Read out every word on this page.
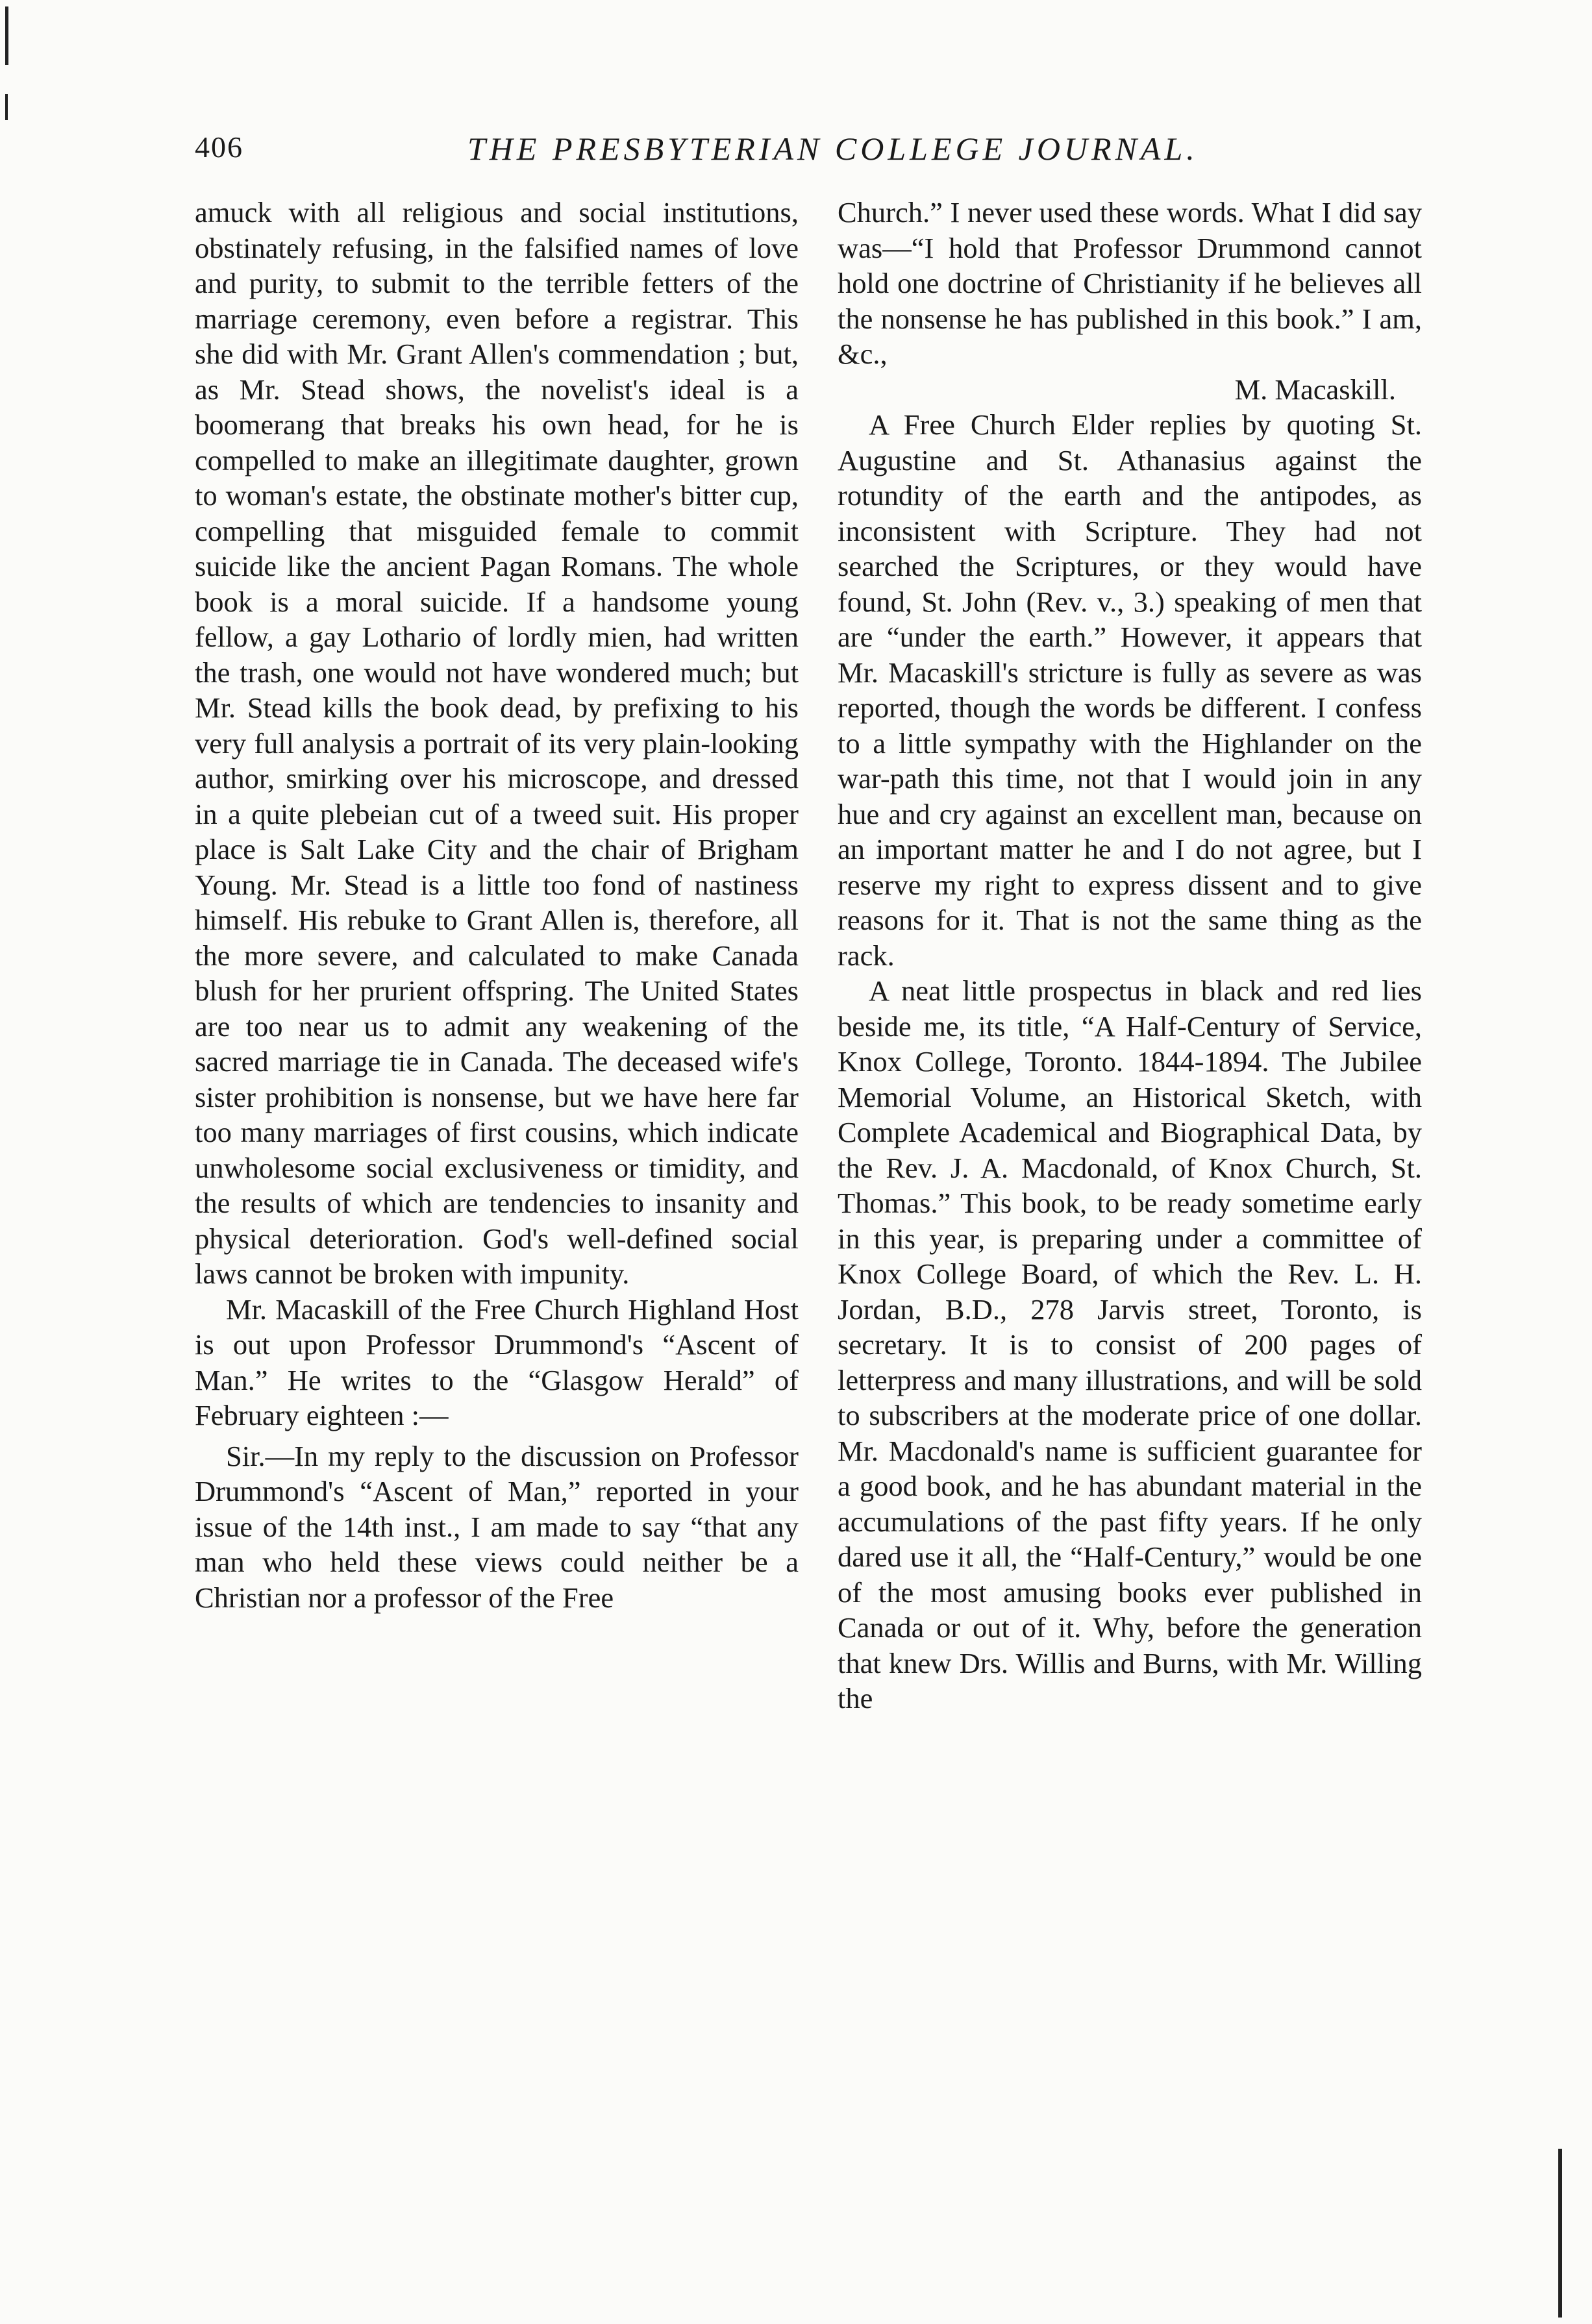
406	THE PRESBYTERIAN COLLEGE JOURNAL.

amuck with all religious and social institutions, obstinately refusing, in the falsified names of love and purity, to submit to the terrible fetters of the marriage ceremony, even before a registrar. This she did with Mr. Grant Allen's commendation ; but, as Mr. Stead shows, the novelist's ideal is a boomerang that breaks his own head, for he is compelled to make an illegitimate daughter, grown to woman's estate, the obstinate mother's bitter cup, compelling that misguided female to commit suicide like the ancient Pagan Romans. The whole book is a moral suicide. If a handsome young fellow, a gay Lothario of lordly mien, had written the trash, one would not have wondered much; but Mr. Stead kills the book dead, by prefixing to his very full analysis a portrait of its very plain-looking author, smirking over his microscope, and dressed in a quite plebeian cut of a tweed suit. His proper place is Salt Lake City and the chair of Brigham Young. Mr. Stead is a little too fond of nastiness himself. His rebuke to Grant Allen is, therefore, all the more severe, and calculated to make Canada blush for her prurient offspring. The United States are too near us to admit any weakening of the sacred marriage tie in Canada. The deceased wife's sister prohibition is nonsense, but we have here far too many marriages of first cousins, which indicate unwholesome social exclusiveness or timidity, and the results of which are tendencies to insanity and physical deterioration. God's well-defined social laws cannot be broken with impunity.

Mr. Macaskill of the Free Church Highland Host is out upon Professor Drummond's “Ascent of Man.” He writes to the “Glasgow Herald” of February eighteen :—

Sir.—In my reply to the discussion on Professor Drummond's “Ascent of Man,” reported in your issue of the 14th inst., I am made to say “that any man who held these views could neither be a Christian nor a professor of the Free

Church.” I never used these words. What I did say was—“I hold that Professor Drummond cannot hold one doctrine of Christianity if he believes all the nonsense he has published in this book.” I am, &c.,

M. Macaskill.

A Free Church Elder replies by quoting St. Augustine and St. Athanasius against the rotundity of the earth and the antipodes, as inconsistent with Scripture. They had not searched the Scriptures, or they would have found, St. John (Rev. v., 3.) speaking of men that are “under the earth.” However, it appears that Mr. Macaskill's stricture is fully as severe as was reported, though the words be different. I confess to a little sympathy with the Highlander on the war-path this time, not that I would join in any hue and cry against an excellent man, because on an important matter he and I do not agree, but I reserve my right to express dissent and to give reasons for it. That is not the same thing as the rack.

A neat little prospectus in black and red lies beside me, its title, “A Half-Century of Service, Knox College, Toronto. 1844-1894. The Jubilee Memorial Volume, an Historical Sketch, with Complete Academical and Biographical Data, by the Rev. J. A. Macdonald, of Knox Church, St. Thomas.” This book, to be ready sometime early in this year, is preparing under a committee of Knox College Board, of which the Rev. L. H. Jordan, B.D., 278 Jarvis street, Toronto, is secretary. It is to consist of 200 pages of letterpress and many illustrations, and will be sold to subscribers at the moderate price of one dollar. Mr. Macdonald's name is sufficient guarantee for a good book, and he has abundant material in the accumulations of the past fifty years. If he only dared use it all, the “Half-Century,” would be one of the most amusing books ever published in Canada or out of it. Why, before the generation that knew Drs. Willis and Burns, with Mr. Willing the
